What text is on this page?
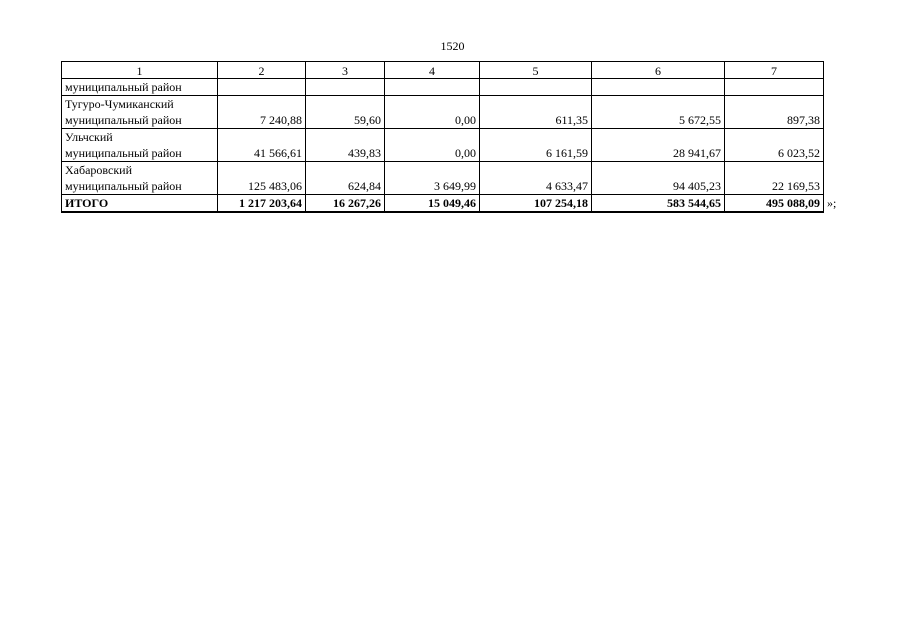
1520
1	2	3	4	5	6	7

муниципальный район						

Тугуро-Чумиканский
муниципальный район	7 240,88	59,60	0,00	611,35	5 672,55	897,38

Ульчский
муниципальный район	41 566,61	439,83	0,00	6 161,59	28 941,67	6 023,52

Хабаровский
муниципальный район	125 483,06	624,84	3 649,99	4 633,47	94 405,23	22 169,53
ИТОГО	1 217 203,64	16 267,26	15 049,46	107 254,18	583 544,65	495 088,09 »;
